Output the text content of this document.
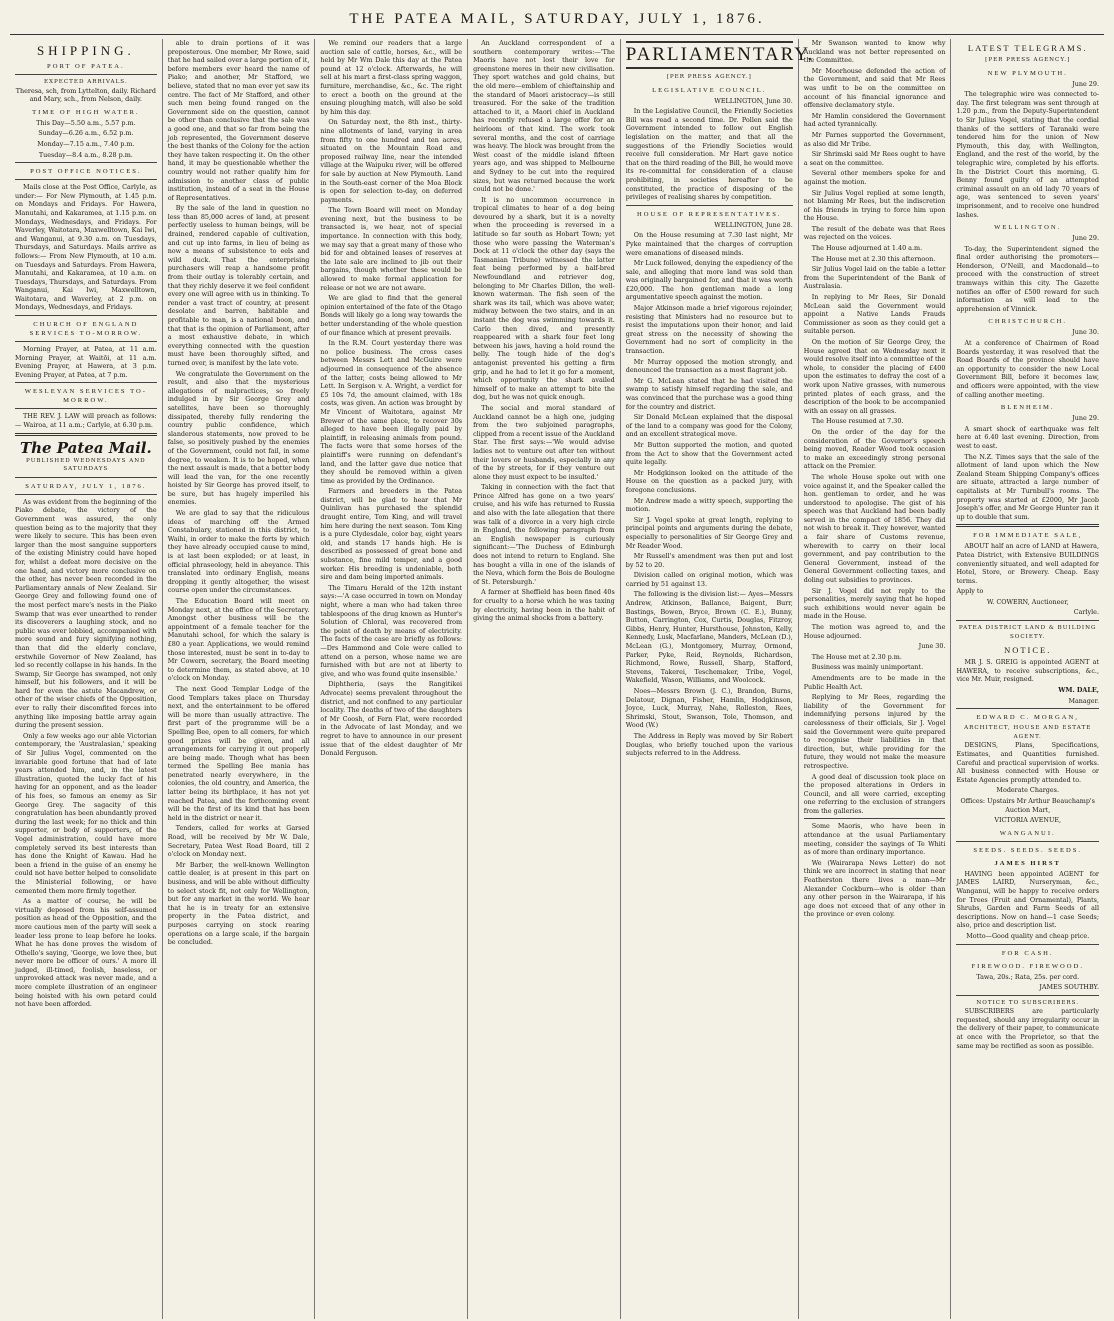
THE PATEA MAIL, SATURDAY, JULY 1, 1876.
SHIPPING.
PORT OF PATEA.
EXPECTED ARRIVALS.

Theresa, sch, from Lyttelton, daily. Richard and Mary, sch., from Nelson, daily.

TIME OF HIGH WATER.

This Day—5.50 a.m., 5.57 p.m.

Sunday—6.26 a.m., 6.52 p.m.

Monday—7.15 a.m., 7.40 p.m.

Tuesday—8.4 a.m., 8.28 p.m.

POST OFFICE NOTICES.

Mails close at the Post Office, Carlyle, as under:— For New Plymouth, at 1.45 p.m. on Mondays and Fridays. For Hawera, Manutahi, and Kakaramea, at 1.15 p.m. on Mondays, Wednesdays, and Fridays. For Waverley, Waitotara, Maxwelltown, Kai Iwi, and Wanganui, at 9.30 a.m. on Tuesdays, Thursdays, and Saturdays. Mails arrive as follows:— From New Plymouth, at 10 a.m. on Tuesdays and Saturdays. From Hawera, Manutahi, and Kakaramea, at 10 a.m. on Tuesdays, Thursdays, and Saturdays. From Wanganui, Kai Iwi, Maxwelltown, Waitotara, and Waverley, at 2 p.m. on Mondays, Wednesdays, and Fridays.

CHURCH OF ENGLAND SERVICES TO-MORROW.

Morning Prayer, at Patea, at 11 a.m. Morning Prayer, at Waitōi, at 11 a.m. Evening Prayer, at Hawera, at 3 p.m. Evening Prayer, at Patea, at 7 p.m.

WESLEYAN SERVICES TO-MORROW.

THE REV. J. LAW will preach as follows:— Wairoa, at 11 a.m.; Carlyle, at 6.30 p.m.

The Patea Mail.
PUBLISHED WEDNESDAYS AND SATURDAYS
SATURDAY, JULY 1, 1876.

As was evident from the beginning of the Piako debate, the victory of the Government was assured, the only question being as to the majority that they were likely to secure. This has been even larger than the most sanguine supporters of the existing Ministry could have hoped for, whilst a defeat more decisive on the one hand, and victory more conclusive on the other, has never been recorded in the Parliamentary annals of New Zealand. Sir George Grey and following found one of the most perfect mare's nests in the Piako Swamp that was ever unearthed to render its discoverers a laughing stock, and no public was ever lobbied, accompanied with more sound and fury signifying nothing, than that did the elderly conclave, erstwhile Governor of New Zealand, has led so recently collapse in his hands. In the Swamp, Sir George has swamped, not only himself, but his followers, and it will be hard for even the astute Macandrew, or other of the wiser chiefs of the Opposition, ever to rally their discomfited forces into anything like imposing battle array again during the present session.

Only a few weeks ago our able Victorian contemporary, the 'Australasian,' speaking of Sir Julius Vogel, commented on the invariable good fortune that had of late years attended him, and, in the latest illustration, quoted the lucky fact of his having for an opponent, and as the leader of his foes, so famous an enemy as Sir George Grey. The sagacity of this congratulation has been abundantly proved during the last week; for no thick and thin supporter, or body of supporters, of the Vogel administration, could have more completely served its best interests than has done the Knight of Kawau. Had he been a friend in the guise of an enemy he could not have better helped to consolidate the Ministerial following, or have cemented them more firmly together.

As a matter of course, he will be virtually deposed from his self-assumed position as head of the Opposition, and the more cautious men of the party will seek a leader less prone to leap before he looks. What he has done proves the wisdom of Othello's saying, 'George, we love thee, but never more be officer of ours.' A more ill judged, ill-timed, foolish, baseless, or unprovoked attack was never made, and a more complete illustration of an engineer being hoisted with his own petard could not have been afforded.

able to drain portions of it was preposterous. One member, Mr Rowe, said that he had sailed over a large portion of it, before members ever heard the name of Piako; and another, Mr Stafford, we believe, stated that no man ever yet saw its centre. The fact of Mr Stafford, and other such men being found ranged on the Government side on the question, cannot be other than conclusive that the sale was a good one, and that so far from being the job represented, the Government deserve the best thanks of the Colony for the action they have taken respecting it. On the other hand, it may be questionable whether the country would not rather qualify him for admission to another class of public institution, instead of a seat in the House of Representatives.

By the sale of the land in question no less than 85,000 acres of land, at present perfectly useless to human beings, will be drained, rendered capable of cultivation, and cut up into farms, in lieu of being as now a means of subsistence to eels and wild duck. That the enterprising purchasers will reap a handsome profit from their outlay is tolerably certain, and that they richly deserve it we feel confident every one will agree with us in thinking. To render a vast tract of country, at present desolate and barren, habitable and profitable to man, is a national boon, and that that is the opinion of Parliament, after a most exhaustive debate, in which everything connected with the question must have been thoroughly sifted, and turned over, is manifest by the late vote.

We congratulate the Government on the result, and also that the mysterious allegations of malpractices, so freely indulged in by Sir George Grey and satellites, have been so thoroughly dissipated, thereby fully rendering the country public confidence, which slanderous statements, now proved to be false, so positively pushed by the enemies of the Government, could not fail, in some degree, to weaken. It is to be hoped, when the next assault is made, that a better body will lead the van, for the one recently hoisted by Sir George has proved itself, to be sure, but has hugely imperiled his enemies.

We are glad to say that the ridiculous ideas of marching off the Armed Constabulary, stationed in this district, to Waihi, in order to make the forts by which they have already occupied cause to mind, is at last been exploded; or at least, in official phraseology, held in abeyance. This translated into ordinary English, means dropping it gently altogether, the wisest course open under the circumstances.

The Education Board will meet on Monday next, at the office of the Secretary. Amongst other business will be the appointment of a female teacher for the Manutahi school, for which the salary is £80 a year. Applications, we would remind those interested, must be sent in to-day to Mr Cowern, secretary, the Board meeting to determine them, as stated above, at 10 o'clock on Monday.

The next Good Templar Lodge of the Good Templars takes place on Thursday next, and the entertainment to be offered will be more than usually attractive. The first part of the programme will be a Spelling Bee, open to all comers, for which good prizes will be given, and all arrangements for carrying it out properly are being made. Though what has been termed the Spelling Bee mania has penetrated nearly everywhere, in the colonies, the old country, and America, the latter being its birthplace, it has not yet reached Patea, and the forthcoming event will be the first of its kind that has been held in the district or near it.

Tenders, called for works at Garsed Road, will be received by Mr W. Dale, Secretary, Patea West Road Board, till 2 o'clock on Monday next.

Mr Barber, the well-known Wellington cattle dealer, is at present in this part on business, and will be able without difficulty to select stock fit, not only for Wellington, but for any market in the world. We hear that he is in treaty for an extensive property in the Patea district, and purposes carrying on stock rearing operations on a large scale, if the bargain be concluded.

We remind our readers that a large auction sale of cattle, horses, &c., will be held by Mr Wm Dale this day at the Patea pound at 12 o'clock. Afterwards, he will sell at his mart a first-class spring waggon, furniture, merchandise, &c., &c. The right to erect a booth on the ground at the ensuing ploughing match, will also be sold by him this day.

On Saturday next, the 8th inst., thirty-nine allotments of land, varying in area from fifty to one hundred and ten acres, situated on the Mountain Road and proposed railway line, near the intended village at the Waipuku river, will be offered for sale by auction at New Plymouth. Land in the South-east corner of the Moa Block is open for selection to-day, on deferred payments.

The Town Board will meet on Monday evening next, but the business to be transacted is, we hear, not of special importance. In connection with this body, we may say that a great many of those who bid for and obtained leases of reserves at the late sale are inclined to jib out their bargains, though whether these would be allowed to make formal application for release or not we are not aware.

We are glad to find that the general opinion entertained of the fate of the Otago Bonds will likely go a long way towards the better understanding of the whole question of our finance which at present prevails.

In the R.M. Court yesterday there was no police business. The cross cases between Messrs Lett and McGuire were adjourned in consequence of the absence of the latter, costs being allowed to Mr Lett. In Sergison v. A. Wright, a verdict for £5 10s 7d, the amount claimed, with 18s costs, was given. An action was brought by Mr Vincent of Waitotara, against Mr Brewer of the same place, to recover 30s alleged to have been illegally paid by plaintiff, in releasing animals from pound. The facts were that some horses of the plaintiff's were running on defendant's land, and the latter gave due notice that they should be removed within a given time as provided by the Ordinance.

Farmers and breeders in the Patea district, will be glad to hear that Mr Quinlivan has purchased the splendid draught entire, Tom King, and will travel him here during the next season. Tom King is a pure Clydesdale, color bay, eight years old, and stands 17 hands high. He is described as possessed of great bone and substance, fine mild temper, and a good worker. His breeding is undeniable, both sire and dam being imported animals.

The Timaru Herald of the 12th instant says:—'A case occurred in town on Monday night, where a man who had taken three tablespoons of the drug known as Hunter's Solution of Chloral, was recovered from the point of death by means of electricity. The facts of the case are briefly as follows:—Drs Hammond and Cole were called to attend on a person, whose name we are furnished with but are not at liberty to give, and who was found quite insensible.'

Diphtheria, (says the Rangitikei Advocate) seems prevalent throughout the district, and not confined to any particular locality. The deaths of two of the daughters of Mr Coosh, of Fern Flat, were recorded in the Advocate of last Monday, and we regret to have to announce in our present issue that of the eldest daughter of Mr Donald Ferguson.

An Auckland correspondent of a southern contemporary writes:—'The Maoris have not lost their love for greenstone meres in their new civilisation. They sport watches and gold chains, but the old mere—emblem of chieftainship and the standard of Maori aristocracy—is still treasured. For the sake of the tradition attached to it, a Maori chief in Auckland has recently refused a large offer for an heirloom of that kind. The work took several months, and the cost of carriage was heavy. The block was brought from the West coast of the middle island fifteen years ago, and was shipped to Melbourne and Sydney to be cut into the required sizes, but was returned because the work could not be done.'

It is no uncommon occurrence in tropical climates to hear of a dog being devoured by a shark, but it is a novelty when the proceeding is reversed in a latitude so far south as Hobart Town; yet those who were passing the Waterman's Dock at 11 o'clock the other day (says the Tasmanian Tribune) witnessed the latter feat being performed by a half-bred Newfoundland and retriever dog, belonging to Mr Charles Dillon, the well-known waterman. The fish seen of the shark was its tail, which was above water, midway between the two stairs, and in an instant the dog was swimming towards it. Carlo then dived, and presently reappeared with a shark four feet long between his jaws, having a hold round the belly. The tough hide of the dog's antagonist prevented his getting a firm grip, and he had to let it go for a moment, which opportunity the shark availed himself of to make an attempt to bite the dog, but he was not quick enough.

The social and moral standard of Auckland cannot be a high one, judging from the two subjoined paragraphs, clipped from a recent issue of the Auckland Star. The first says:—'We would advise ladies not to venture out after ten without their lovers or husbands, especially in any of the by streets, for if they venture out alone they must expect to be insulted.'

Taking in connection with the fact that Prince Alfred has gone on a two years' cruise, and his wife has returned to Russia and also with the late allegation that there was talk of a divorce in a very high circle in England, the following paragraph from an English newspaper is curiously significant:—'The Duchess of Edinburgh does not intend to return to England. She has bought a villa in one of the islands of the Neva, which form the Bois de Boulogne of St. Petersburgh.'

A farmer at Sheffield has been fined 40s for cruelty to a horse which he was taxing by electricity, having been in the habit of giving the animal shocks from a battery.

PARLIAMENTARY.
[PER PRESS AGENCY.]
LEGISLATIVE COUNCIL.

WELLINGTON, June 30.

In the Legislative Council, the Friendly Societies Bill was read a second time. Dr. Pollen said the Government intended to follow out English legislation on the matter, and that all the suggestions of the Friendly Societies would receive full consideration. Mr Hart gave notice that on the third reading of the Bill, he would move its re-committal for consideration of a clause prohibiting, in societies hereafter to be constituted, the practice of disposing of the privileges of realising shares by competition.

HOUSE OF REPRESENTATIVES.

WELLINGTON, June 28.

On the House resuming at 7.30 last night, Mr Pyke maintained that the charges of corruption were emanations of diseased minds.

Mr Luck followed, denying the expediency of the sale, and alleging that more land was sold than was originally bargained for, and that it was worth £20,000. The hon gentleman made a long argumentative speech against the motion.

Major Atkinson made a brief vigorous rejoinder, resisting that Ministers had no resource but to resist the imputations upon their honor, and laid great stress on the necessity of showing the Government had no sort of complicity in the transaction.

Mr Murray opposed the motion strongly, and denounced the transaction as a most flagrant job.

Mr G. McLean stated that he had visited the swamp to satisfy himself regarding the sale, and was convinced that the purchase was a good thing for the country and district.

Sir Donald McLean explained that the disposal of the land to a company was good for the Colony, and an excellent strategical move.

Mr Button supported the motion, and quoted from the Act to show that the Government acted quite legally.

Mr Hodgkinson looked on the attitude of the House on the question as a packed jury, with foregone conclusions.

Mr Andrew made a witty speech, supporting the motion.

Sir J. Vogel spoke at great length, replying to principal points and arguments during the debate, especially to personalities of Sir George Grey and Mr Reader Wood.

Mr Russell's amendment was then put and lost by 52 to 20.

Division called on original motion, which was carried by 51 against 13.

The following is the division list:— Ayes—Messrs Andrew, Atkinson, Ballance, Baigent, Burr, Bastings, Bowen, Bryce, Brown (C. E.), Bunny, Button, Carrington, Cox, Curtis, Douglas, Fitzroy, Gibbs, Henry, Hunter, Hursthouse, Johnston, Kelly, Kennedy, Lusk, Macfarlane, Manders, McLean (D.), McLean (G.), Montgomery, Murray, Ormond, Parker, Pyke, Reid, Reynolds, Richardson, Richmond, Rowe, Russell, Sharp, Stafford, Stevens, Takerei, Teschemaker, Tribe, Vogel, Wakefield, Wason, Williams, and Woolcock.

Noes—Messrs Brown (J. C.), Brandon, Burns, Delatour, Dignan, Fisher, Hamlin, Hodgkinson, Joyce, Luck, Murray, Nahe, Rolleston, Rees, Shrimski, Stout, Swanson, Tole, Thomson, and Wood (W.)

The Address in Reply was moved by Sir Robert Douglas, who briefly touched upon the various subjects referred to in the Address.

Mr Swanson wanted to know why Auckland was not better represented on the Committee.

Mr Moorhouse defended the action of the Government, and said that Mr Rees was unfit to be on the committee on account of his financial ignorance and offensive declamatory style.

Mr Hamlin considered the Government had acted tyrannically.

Mr Parnes supported the Government, as also did Mr Tribe.

Sir Shrimski said Mr Rees ought to have a seat on the committee.

Several other members spoke for and against the motion.

Sir Julius Vogel replied at some length, not blaming Mr Rees, but the indiscretion of his friends in trying to force him upon the House.

The result of the debate was that Rees was rejected on the voices.

The House adjourned at 1.40 a.m.

The House met at 2.30 this afternoon.

Sir Julius Vogel laid on the table a letter from the Superintendent of the Bank of Australasia.

In replying to Mr Rees, Sir Donald McLean said the Government would appoint a Native Lands Frauds Commissioner as soon as they could get a suitable person.

On the motion of Sir George Grey, the House agreed that on Wednesday next it would resolve itself into a committee of the whole, to consider the placing of £400 upon the estimates to defray the cost of a work upon Native grasses, with numerous printed plates of each grass, and the description of the book to be accompanied with an essay on all grasses.

The House resumed at 7.30.

On the order of the day for the consideration of the Governor's speech being moved, Reader Wood took occasion to make an exceedingly strong personal attack on the Premier.

The whole House spoke out with one voice against it, and the Speaker called the hon. gentleman to order, and he was understood to apologise. The gist of his speech was that Auckland had been badly served in the compact of 1856. They did not wish to break it. They however, wanted a fair share of Customs revenue, wherewith to carry on their local government, and pay contribution to the General Government, instead of the General Government collecting taxes, and doling out subsidies to provinces.

Sir J. Vogel did not reply to the personalities, merely saying that he hoped such exhibitions would never again be made in the House.

The motion was agreed to, and the House adjourned.

June 30.

The House met at 2.30 p.m.

Business was mainly unimportant.

Amendments are to be made in the Public Health Act.

Replying to Mr Rees, regarding the liability of the Government for indemnifying persons injured by the carelessness of their officials, Sir J. Vogel said the Government were quite prepared to recognise their liabilities in that direction, but, while providing for the future, they would not make the measure retrospective.

A good deal of discussion took place on the proposed alterations in Orders in Council, and all were carried, excepting one referring to the exclusion of strangers from the galleries.

Some Maoris, who have been in attendance at the usual Parliamentary meeting, consider the sayings of Te Whiti as of more than ordinary importance.

We (Wairarapa News Letter) do not think we are incorrect in stating that near Featherston there lives a man—Mr Alexander Cockburn—who is older than any other person in the Wairarapa, if his age does not exceed that of any other in the province or even colony.

LATEST TELEGRAMS.
[PER PRESS AGENCY.]
NEW PLYMOUTH.

June 29.

The telegraphic wire was connected to-day. The first telegram was sent through at 1.20 p.m., from the Deputy-Superintendent to Sir Julius Vogel, stating that the cordial thanks of the settlers of Taranaki were tendered him for the union of New Plymouth, this day, with Wellington, England, and the rest of the world, by the telegraphic wire, completed by his efforts. In the District Court this morning, G. Benny found guilty of an attempted criminal assault on an old lady 70 years of age, was sentenced to seven years' imprisonment, and to receive one hundred lashes.

WELLINGTON.

June 29.

To-day, the Superintendent signed the final order authorising the promoters—Henderson, O'Neill, and Macdonald—to proceed with the construction of street tramways within this city. The Gazette notifies an offer of £500 reward for such information as will lead to the apprehension of Vinnick.

CHRISTCHURCH.

June 30.

At a conference of Chairmen of Road Boards yesterday, it was resolved that the Road Boards of the province should have an opportunity to consider the new Local Government Bill, before it becomes law, and officers were appointed, with the view of calling another meeting.

BLENHEIM.

June 29.

A smart shock of earthquake was felt here at 6.40 last evening. Direction, from west to east.

The N.Z. Times says that the sale of the allotment of land upon which the New Zealand Steam Shipping Company's offices are situate, attracted a large number of capitalists at Mr Turnbull's rooms. The property was started at £2000, Mr Jacob Joseph's offer, and Mr George Hunter ran it up to double that sum.

FOR IMMEDIATE SALE,

ABOUT half an acre of LAND at Hawera, Patea District, with Extensive BUILDINGS conveniently situated, and well adapted for Hotel, Store, or Brewery. Cheap. Easy terms.

Apply to

W. COWERN, Auctioneer,

Carlyle.

PATEA DISTRICT LAND & BUILDING SOCIETY.
NOTICE.

MR J. S. GREIG is appointed AGENT at HAWERA, to receive subscriptions, &c., vice Mr. Muir, resigned.

WM. DALE,

Manager.

EDWARD C. MORGAN,
ARCHITECT, HOUSE AND ESTATE AGENT.

DESIGNS, Plans, Specifications, Estimates, and Quantities furnished. Careful and practical supervision of works. All business connected with House or Estate Agencies promptly attended to.

Moderate Charges.

Offices: Upstairs Mr Arthur Beauchamp's Auction Mart,

VICTORIA AVENUE,

WANGANUI.
SEEDS. SEEDS. SEEDS.
JAMES HIRST

HAVING been appointed AGENT for JAMES LAIRD, Nurseryman, &c., Wanganui, will be happy to receive orders for Trees (Fruit and Ornamental), Plants, Shrubs, Garden and Farm Seeds of all descriptions. Now on hand—1 case Seeds; also, price and description list.

Motto—Good quality and cheap price.

FOR CASH.
FIREWOOD. FIREWOOD.

Tawa, 20s.; Rata, 25s. per cord.

JAMES SOUTHBY.

NOTICE TO SUBSCRIBERS.

SUBSCRIBERS are particularly requested, should any irregularity occur in the delivery of their paper, to communicate at once with the Proprietor, so that the same may be rectified as soon as possible.
